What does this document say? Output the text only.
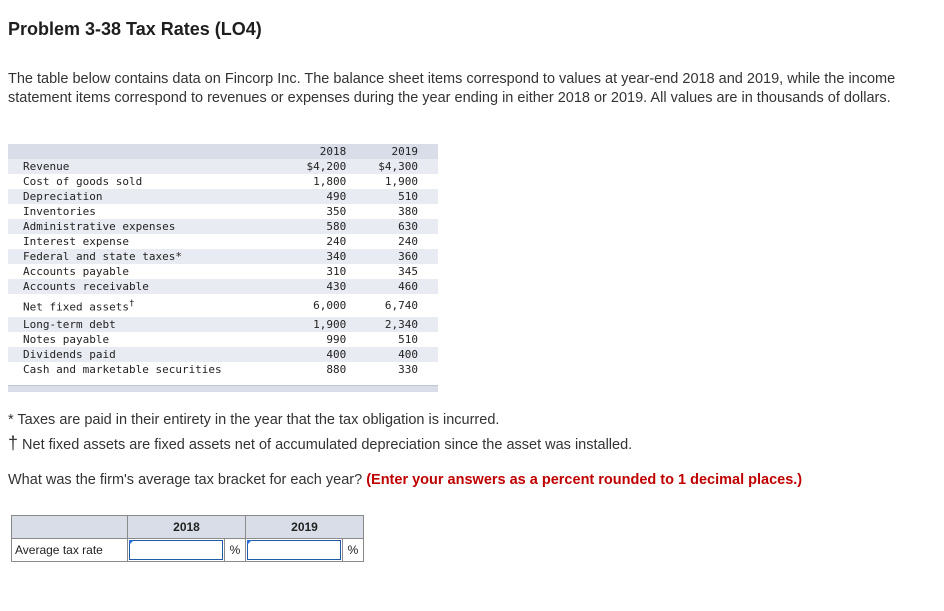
Problem 3-38 Tax Rates (LO4)
The table below contains data on Fincorp Inc. The balance sheet items correspond to values at year-end 2018 and 2019, while the income statement items correspond to revenues or expenses during the year ending in either 2018 or 2019. All values are in thousands of dollars.
	2018	2019
Revenue	$4,200	$4,300
Cost of goods sold	1,800	1,900
Depreciation	490	510
Inventories	350	380
Administrative expenses	580	630
Interest expense	240	240
Federal and state taxes*	340	360
Accounts payable	310	345
Accounts receivable	430	460
Net fixed assets†	6,000	6,740
Long-term debt	1,900	2,340
Notes payable	990	510
Dividends paid	400	400
Cash and marketable securities	880	330

* Taxes are paid in their entirety in the year that the tax obligation is incurred.
† Net fixed assets are fixed assets net of accumulated depreciation since the asset was installed.
What was the firm's average tax bracket for each year? (Enter your answers as a percent rounded to 1 decimal places.)
	2018		2019	
Average tax rate		%		%
